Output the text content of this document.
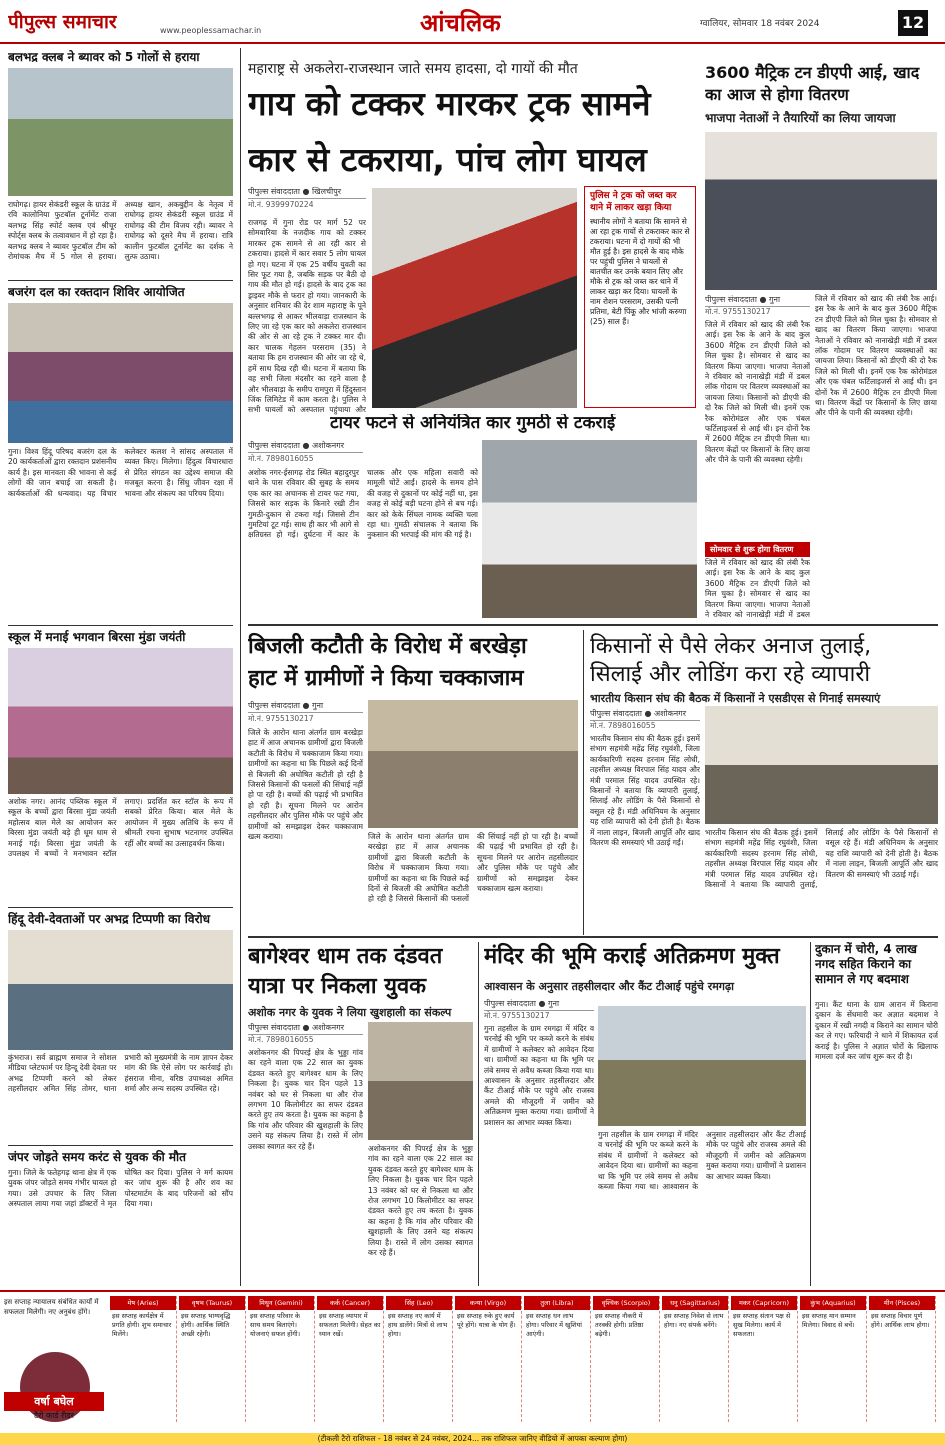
पीपुल्स समाचार	www.peoplessamachar.in	आंचलिक	ग्वालियर, सोमवार 18 नवंबर 2024	12
बलभद्र क्लब ने ब्यावर को 5 गोलों से हराया
राघोगढ़। हायर सेकंडरी स्कूल के ग्राउंड में रवि कालोनिया फुटबॉल टूर्नामेंट राजा बलभद्र सिंह स्पोर्ट क्लब एवं श्रीचूर स्पोर्ट्स क्लब के तत्वावधान में हो रहा है। बलभद्र क्लब ने ब्यावर फुटबॉल टीम को रोमांचक मैच में 5 गोल से हराया। अध्यक्ष खान, अकबुद्दीन के नेतृत्व में राघोगढ़ हायर सेकंडरी स्कूल ग्राउंड में राघोगढ़ की टीम विजय रही। ब्यावर ने राघोगढ़ को दूसरे मैच में हराया। रात्रि कालीन फुटबॉल टूर्नामेंट का दर्शक ने लुत्फ उठाया।
बजरंग दल का रक्तदान शिविर आयोजित
गुना। विश्व हिंदू परिषद बजरंग दल के 20 कार्यकर्ताओं द्वारा रक्तदान प्रशंसनीय कार्य है। इस मानवता की भावना से कई लोगों की जान बचाई जा सकती है। कार्यकर्ताओं की धन्यवाद। यह विचार कलेक्टर कलश ने सांसद अस्पताल में व्यक्त किए। मिलेगा। हिंदुत्व विचारधारा से प्रेरित संगठन का उद्देश्य समाज की मजबूत करना है। सिंधु जीवन रक्षा में भावना और संकल्प का परिचय दिया।
स्कूल में मनाई भगवान बिरसा मुंडा जयंती
अशोक नगर। आनंद पब्लिक स्कूल में स्कूल के बच्चों द्वारा बिरसा मुंडा जयंती महोत्सव बाल मेले का आयोजन कर बिरसा मुंडा जयंती बड़े ही धूम धाम से मनाई गई। बिरसा मुंडा जयंती के उपलक्ष्य में बच्चों ने मनभावन स्टॉल लगाए। प्रदर्शित कर स्टॉल के रूप में सबको प्रेरित किया। बाल मेले के आयोजन में मुख्य अतिथि के रूप में श्रीमती रचना सुभाष भटनागर उपस्थित रहीं और बच्चों का उत्साहवर्धन किया।
हिंदू देवी-देवताओं पर अभद्र टिप्पणी का विरोध
कुंभराज। सर्व ब्राह्मण समाज ने सोशल मीडिया प्लेटफार्म पर हिन्दू देवी देवता पर अभद्र टिप्पणी करने को लेकर तहसीलदार अमित सिंह तोमर, थाना प्रभारी को मुख्यमंत्री के नाम ज्ञापन देकर मांग की कि ऐसे लोग पर कार्रवाई हो। हंसराज मीना, वरिष्ठ उपाध्यक्ष अमित शर्मा और अन्य सदस्य उपस्थित रहे।
जंपर जोड़ते समय करंट से युवक की मौत
गुना। जिले के फतेहगढ़ थाना क्षेत्र में एक युवक जंपर जोड़ते समय गंभीर घायल हो गया। उसे उपचार के लिए जिला अस्पताल लाया गया जहां डॉक्टरों ने मृत घोषित कर दिया। पुलिस ने मर्ग कायम कर जांच शुरू की है और शव का पोस्टमार्टम के बाद परिजनों को सौंप दिया गया।
महाराष्ट्र से अकलेरा-राजस्थान जाते समय हादसा, दो गायों की मौत
गाय को टक्कर मारकर ट्रक सामने
कार से टकराया, पांच लोग घायल
पीपुल्स संवाददाता ● खिलचीपुर
मो.नं. 9399970224
राजगढ़ में गुना रोड पर मार्ग 52 पर सोमवारिया के नजदीक गाय को टक्कर मारकर ट्रक सामने से आ रही कार से टकराया। हादसे में कार सवार 5 लोग घायल हो गए। घटना में एक 25 वर्षीय युवती का सिर फूट गया है, जबकि सड़क पर बैठी दो गाय की मौत हो गई। हादसे के बाद ट्रक का ड्राइवर मौके से फरार हो गया। जानकारी के अनुसार शनिवार की देर शाम महाराष्ट्र के पूने बल्लभगढ़ से आकर भीलवाड़ा राजस्थान के लिए जा रहे एक कार को अकलेरा राजस्थान की ओर से आ रहे ट्रक ने टक्कर मार दी। कार चालक गेहलन परसराम (35) ने बताया कि हम राजस्थान की ओर जा रहे थे, हमें साथ दिख रही थी। घटना में बताया कि वह सभी जिला मंदसौर का रहने वाला है और भीलवाड़ा के समीप रामपुरा में हिंदुस्तान जिंक लिमिटेड में काम करता है। पुलिस ने सभी घायलों को अस्पताल पहुंचाया और
पुलिस ने ट्रक को जब्त कर थाने में लाकर खड़ा किया
स्थानीय लोगों ने बताया कि सामने से आ रहा ट्रक गायों से टकराकर कार से टकराया। घटना में दो गायों की भी मौत हुई है। इस हादसे के बाद मौके पर पहुंची पुलिस ने घायलों से बातचीत कर उनके बयान लिए और मौके से ट्रक को जब्त कर थाने में लाकर खड़ा कर दिया। घायलों के नाम रोशन परसराम, उसकी पत्नी प्रतिमा, बेटी पिंकू और भांजी करुणा (25) साल हैं।
टायर फटने से अनियंत्रित कार गुमठी से टकराई
पीपुल्स संवाददाता ● अशोकनगर
मो.नं. 7898016055
अशोक नगर-ईसागढ़ रोड स्थित बहादुरपुर थाने के पास रविवार की सुबह के समय एक कार का अचानक से टायर फट गया, जिससे कार सड़क के किनारे रखी टीन गुमठी-दुकान से टकरा गई। जिससे टीन गुमटियां टूट गई। साथ ही कार भी आगे से क्षतिग्रस्त हो गई। दुर्घटना में कार के चालक और एक महिला सवारी को मामूली चोटें आईं। हादसे के समय होने की वजह से दुकानों पर कोई नहीं था, इस वजह से कोई बड़ी घटना होने से बच गई। कार को केके सिंघल नामक व्यक्ति चला रहा था। गुमठी संचालक ने बताया कि नुकसान की भरपाई की मांग की गई है।
3600 मैट्रिक टन डीएपी आई, खाद का आज से होगा वितरण
भाजपा नेताओं ने तैयारियों का लिया जायजा
पीपुल्स संवाददाता ● गुना
मो.नं. 9755130217
जिले में रविवार को खाद की लंबी रैक आई। इस रैक के आने के बाद कुल 3600 मैट्रिक टन डीएपी जिले को मिल चुका है। सोमवार से खाद का वितरण किया जाएगा। भाजपा नेताओं ने रविवार को नानाखेड़ी मंडी में डबल लॉक गोदाम पर वितरण व्यवस्थाओं का जायजा लिया। किसानों को डीएपी की दो रैक जिले को मिली थी। इनमें एक रैक कोरोमंडल और एक चंबल फर्टिलाइजर्स से आई थी। इन दोनों रैक में 2600 मैट्रिक टन डीएपी मिला था। वितरण केंद्रों पर किसानों के लिए छाया और पीने के पानी की व्यवस्था रहेगी।
सोमवार से शुरू होगा वितरण
जिले में रविवार को खाद की लंबी रैक आई। इस रैक के आने के बाद कुल 3600 मैट्रिक टन डीएपी जिले को मिल चुका है। सोमवार से खाद का वितरण किया जाएगा। भाजपा नेताओं ने रविवार को नानाखेड़ी मंडी में डबल
जिले में रविवार को खाद की लंबी रैक आई। इस रैक के आने के बाद कुल 3600 मैट्रिक टन डीएपी जिले को मिल चुका है। सोमवार से खाद का वितरण किया जाएगा। भाजपा नेताओं ने रविवार को नानाखेड़ी मंडी में डबल लॉक गोदाम पर वितरण व्यवस्थाओं का जायजा लिया। किसानों को डीएपी की दो रैक जिले को मिली थी। इनमें एक रैक कोरोमंडल और एक चंबल फर्टिलाइजर्स से आई थी। इन दोनों रैक में 2600 मैट्रिक टन डीएपी मिला था। वितरण केंद्रों पर किसानों के लिए छाया और पीने के पानी की व्यवस्था रहेगी।
बिजली कटौती के विरोध में बरखेड़ा
हाट में ग्रामीणों ने किया चक्काजाम
पीपुल्स संवाददाता ● गुना
मो.नं. 9755130217
जिले के आरोन थाना अंतर्गत ग्राम बरखेड़ा हाट में आज अचानक ग्रामीणों द्वारा बिजली कटौती के विरोध में चक्काजाम किया गया। ग्रामीणों का कहना था कि पिछले कई दिनों से बिजली की अघोषित कटौती हो रही है जिससे किसानों की फसलों की सिंचाई नहीं हो पा रही है। बच्चों की पढ़ाई भी प्रभावित हो रही है। सूचना मिलने पर आरोन तहसीलदार और पुलिस मौके पर पहुंचे और ग्रामीणों को समझाइश देकर चक्काजाम खत्म कराया।	जिले के आरोन थाना अंतर्गत ग्राम बरखेड़ा हाट में आज अचानक ग्रामीणों द्वारा बिजली कटौती के विरोध में चक्काजाम किया गया। ग्रामीणों का कहना था कि पिछले कई दिनों से बिजली की अघोषित कटौती हो रही है जिससे किसानों की फसलों की सिंचाई नहीं हो पा रही है। बच्चों की पढ़ाई भी प्रभावित हो रही है। सूचना मिलने पर आरोन तहसीलदार और पुलिस मौके पर पहुंचे और ग्रामीणों को समझाइश देकर चक्काजाम खत्म कराया।
किसानों से पैसे लेकर अनाज तुलाई,
सिलाई और लोडिंग करा रहे व्यापारी
भारतीय किसान संघ की बैठक में किसानों ने एसडीएस से गिनाई समस्याएं
पीपुल्स संवाददाता ● अशोकनगर
मो.नं. 7898016055
भारतीय किसान संघ की बैठक हुई। इसमें संभाग सहमंत्री महेंद्र सिंह रघुवंशी, जिला कार्यकारिणी सदस्य हरनाम सिंह लोधी, तहसील अध्यक्ष विरपाल सिंह यादव और मंत्री परमाल सिंह यादव उपस्थित रहे। किसानों ने बताया कि व्यापारी तुलाई, सिलाई और लोडिंग के पैसे किसानों से वसूल रहे हैं। मंडी अधिनियम के अनुसार यह राशि व्यापारी को देनी होती है। बैठक में नाला लाइन, बिजली आपूर्ति और खाद वितरण की समस्याएं भी उठाई गईं।
भारतीय किसान संघ की बैठक हुई। इसमें संभाग सहमंत्री महेंद्र सिंह रघुवंशी, जिला कार्यकारिणी सदस्य हरनाम सिंह लोधी, तहसील अध्यक्ष विरपाल सिंह यादव और मंत्री परमाल सिंह यादव उपस्थित रहे। किसानों ने बताया कि व्यापारी तुलाई, सिलाई और लोडिंग के पैसे किसानों से वसूल रहे हैं। मंडी अधिनियम के अनुसार यह राशि व्यापारी को देनी होती है। बैठक में नाला लाइन, बिजली आपूर्ति और खाद वितरण की समस्याएं भी उठाई गईं।
बागेश्वर धाम तक दंडवत
यात्रा पर निकला युवक
अशोक नगर के युवक ने लिया खुशहाली का संकल्प
पीपुल्स संवाददाता ● अशोकनगर
मो.नं. 7898016055
अशोकनगर की पिपरई क्षेत्र के भुड्डा गांव का रहने वाला एक 22 साल का युवक दंडवत करते हुए बागेश्वर धाम के लिए निकला है। युवक चार दिन पहले 13 नवंबर को घर से निकला था और रोज लगभग 10 किलोमीटर का सफर दंडवत करते हुए तय करता है। युवक का कहना है कि गांव और परिवार की खुशहाली के लिए उसने यह संकल्प लिया है। रास्ते में लोग उसका स्वागत कर रहे हैं।	अशोकनगर की पिपरई क्षेत्र के भुड्डा गांव का रहने वाला एक 22 साल का युवक दंडवत करते हुए बागेश्वर धाम के लिए निकला है। युवक चार दिन पहले 13 नवंबर को घर से निकला था और रोज लगभग 10 किलोमीटर का सफर दंडवत करते हुए तय करता है। युवक का कहना है कि गांव और परिवार की खुशहाली के लिए उसने यह संकल्प लिया है। रास्ते में लोग उसका स्वागत कर रहे हैं।
मंदिर की भूमि कराई अतिक्रमण मुक्त
आश्वासन के अनुसार तहसीलदार और कैंट टीआई पहुंचे रमगढ़ा
पीपुल्स संवाददाता ● गुना
मो.नं. 9755130217
गुना तहसील के ग्राम रमगढ़ा में मंदिर व चरनोई की भूमि पर कब्जे करने के संबंध में ग्रामीणों ने कलेक्टर को आवेदन दिया था। ग्रामीणों का कहना था कि भूमि पर लंबे समय से अवैध कब्जा किया गया था। आश्वासन के अनुसार तहसीलदार और कैंट टीआई मौके पर पहुंचे और राजस्व अमले की मौजूदगी में जमीन को अतिक्रमण मुक्त कराया गया। ग्रामीणों ने प्रशासन का आभार व्यक्त किया।
गुना तहसील के ग्राम रमगढ़ा में मंदिर व चरनोई की भूमि पर कब्जे करने के संबंध में ग्रामीणों ने कलेक्टर को आवेदन दिया था। ग्रामीणों का कहना था कि भूमि पर लंबे समय से अवैध कब्जा किया गया था। आश्वासन के अनुसार तहसीलदार और कैंट टीआई मौके पर पहुंचे और राजस्व अमले की मौजूदगी में जमीन को अतिक्रमण मुक्त कराया गया। ग्रामीणों ने प्रशासन का आभार व्यक्त किया।
दुकान में चोरी, 4 लाख नगद सहित किराने का सामान ले गए बदमाश
गुना। कैंट थाना के ग्राम आरान में किराना दुकान के सेंधमारी कर अज्ञात बदमाश ने दुकान में रखी नगदी व किराने का सामान चोरी कर ले गए। फरियादी ने थाने में शिकायत दर्ज कराई है। पुलिस ने अज्ञात चोरों के खिलाफ मामला दर्ज कर जांच शुरू कर दी है।
इस सप्ताह न्यायालय संबंधित कार्यों में सफलता मिलेगी। नए अनुबंध होंगे।
वर्षा बघेल
टैरो कार्ड रीडर
मेष (Aries)
इस सप्ताह कार्यक्षेत्र में प्रगति होगी। शुभ समाचार मिलेंगे।
वृषभ (Taurus)
इस सप्ताह भाग्यवृद्धि होगी। आर्थिक स्थिति अच्छी रहेगी।
मिथुन (Gemini)
इस सप्ताह परिवार के साथ समय बिताएंगे। योजनाएं सफल होंगी।
कर्क (Cancer)
इस सप्ताह व्यापार में सफलता मिलेगी। सेहत का ध्यान रखें।
सिंह (Leo)
इस सप्ताह नए कार्य में हाथ डालेंगे। मित्रों से लाभ होगा।
कन्या (Virgo)
इस सप्ताह रुके हुए कार्य पूरे होंगे। यात्रा के योग हैं।
तुला (Libra)
इस सप्ताह धन लाभ होगा। परिवार में खुशियां आएंगी।
वृश्चिक (Scorpio)
इस सप्ताह नौकरी में तरक्की होगी। प्रतिष्ठा बढ़ेगी।
धनु (Sagittarius)
इस सप्ताह निवेश से लाभ होगा। नए संपर्क बनेंगे।
मकर (Capricorn)
इस सप्ताह संतान पक्ष से सुख मिलेगा। कार्य में सफलता।
कुंभ (Aquarius)
इस सप्ताह मान सम्मान मिलेगा। विवाद से बचें।
मीन (Pisces)
इस सप्ताह विचार पूर्ण होंगे। आर्थिक लाभ होगा।
(टीकली टैरो राशिफल - 18 नवंबर से 24 नवंबर, 2024... तक राशिफल जानिए वीडियो में आपका कल्याण होगा)
